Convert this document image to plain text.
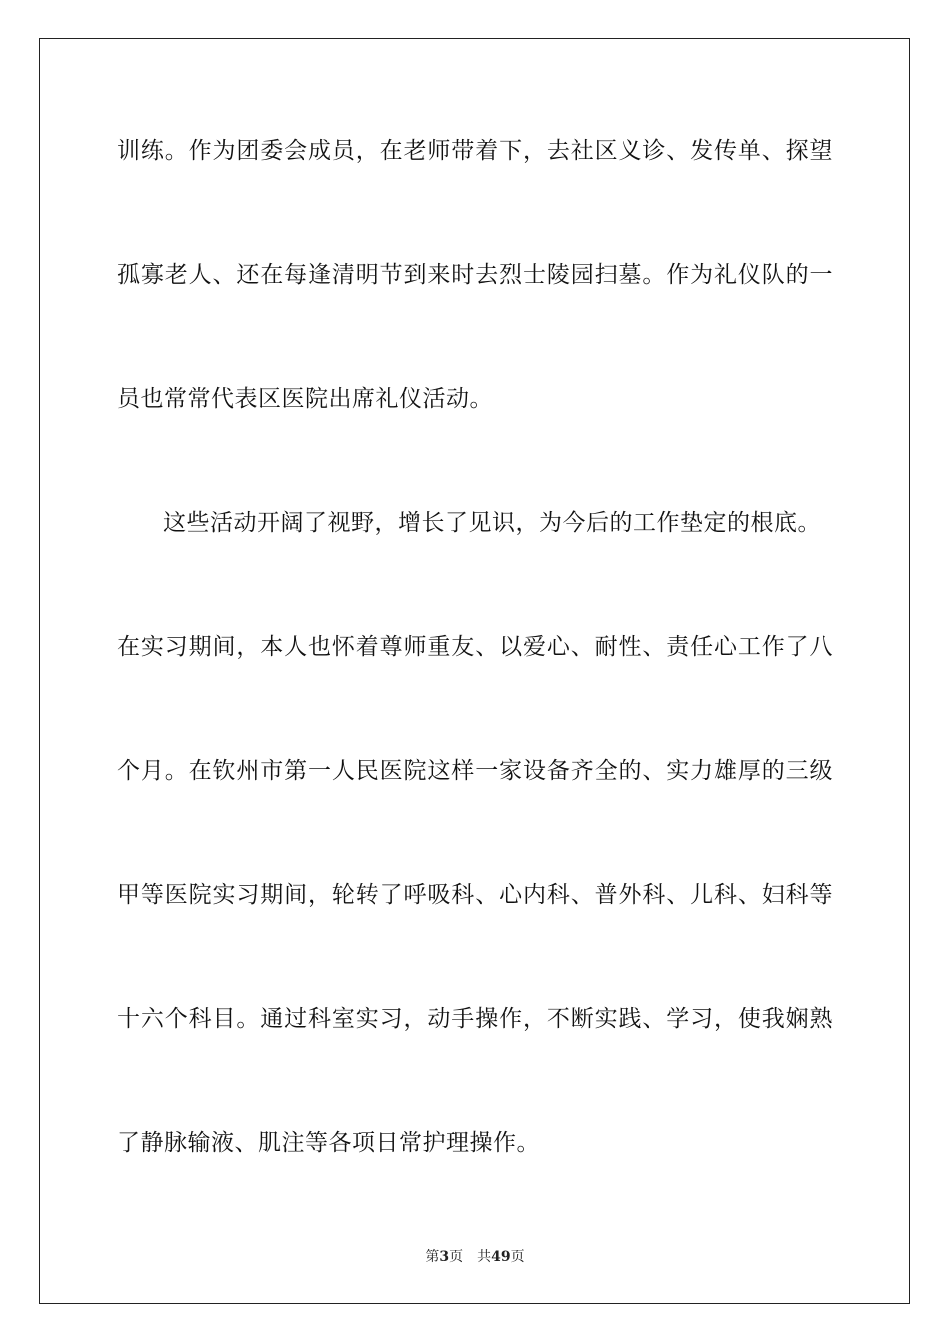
训练。作为团委会成员，在老师带着下，去社区义诊、发传单、探望
孤寡老人、还在每逢清明节到来时去烈士陵园扫墓。作为礼仪队的一
员也常常代表区医院出席礼仪活动。
这些活动开阔了视野，增长了见识，为今后的工作垫定的根底。
在实习期间，本人也怀着尊师重友、以爱心、耐性、责任心工作了八
个月。在钦州市第一人民医院这样一家设备齐全的、实力雄厚的三级
甲等医院实习期间，轮转了呼吸科、心内科、普外科、儿科、妇科等
十六个科目。通过科室实习，动手操作，不断实践、学习，使我娴熟
了静脉输液、肌注等各项日常护理操作。
第3页 共49页
